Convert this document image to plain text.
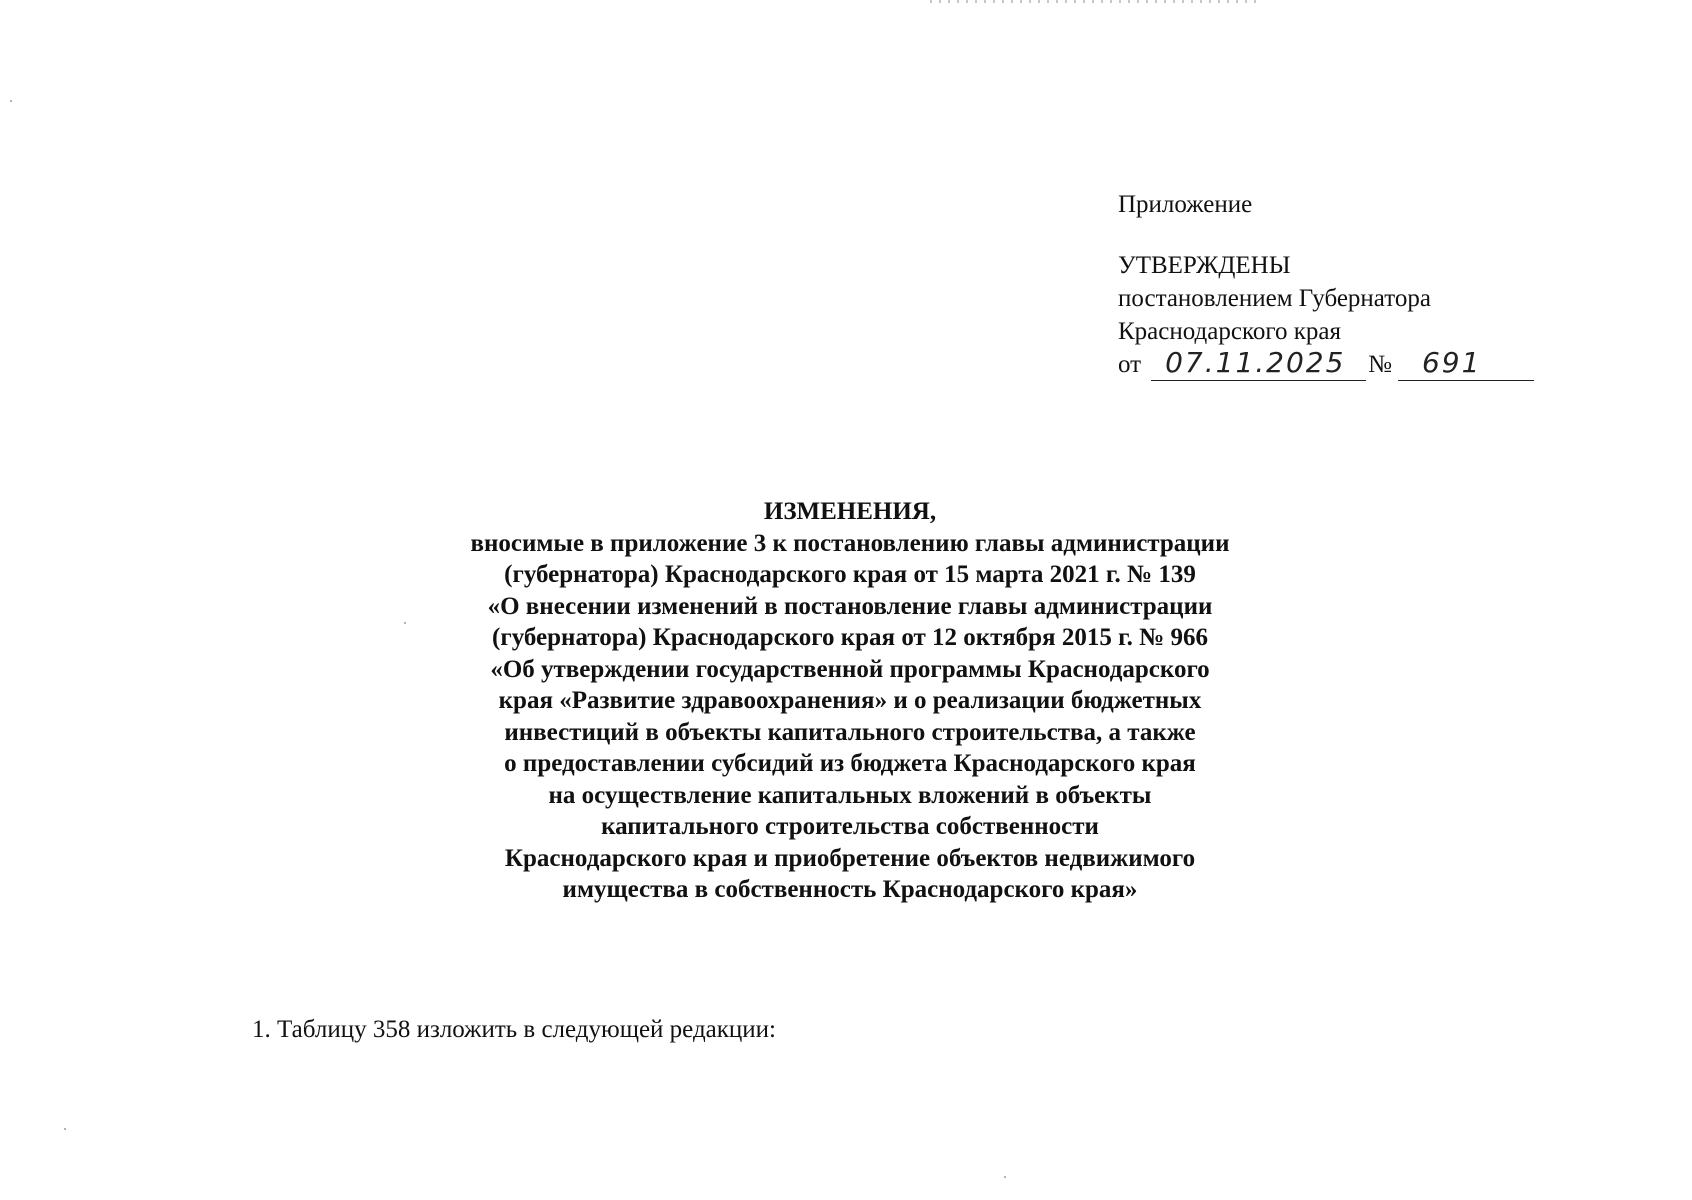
Приложение
УТВЕРЖДЕНЫ
постановлением Губернатора
Краснодарского края
от 07.11.2025 №	691
ИЗМЕНЕНИЯ,
вносимые в приложение 3 к постановлению главы администрации
(губернатора) Краснодарского края от 15 марта 2021 г. № 139
«О внесении изменений в постановление главы администрации
(губернатора) Краснодарского края от 12 октября 2015 г. № 966
«Об утверждении государственной программы Краснодарского
края «Развитие здравоохранения» и о реализации бюджетных
инвестиций в объекты капитального строительства, а также
о предоставлении субсидий из бюджета Краснодарского края
на осуществление капитальных вложений в объекты
капитального строительства собственности
Краснодарского края и приобретение объектов недвижимого
имущества в собственность Краснодарского края»
1. Таблицу 358 изложить в следующей редакции:
